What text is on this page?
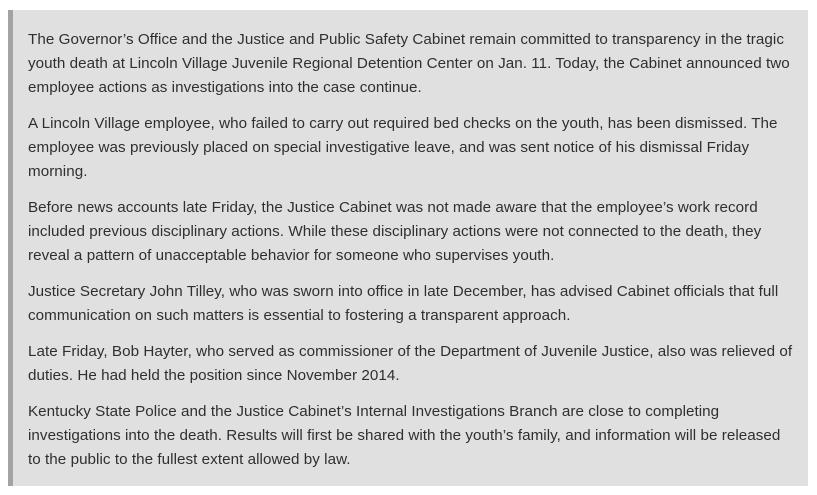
The Governor’s Office and the Justice and Public Safety Cabinet remain committed to transparency in the tragic youth death at Lincoln Village Juvenile Regional Detention Center on Jan. 11. Today, the Cabinet announced two employee actions as investigations into the case continue.

A Lincoln Village employee, who failed to carry out required bed checks on the youth, has been dismissed. The employee was previously placed on special investigative leave, and was sent notice of his dismissal Friday morning.

Before news accounts late Friday, the Justice Cabinet was not made aware that the employee’s work record included previous disciplinary actions. While these disciplinary actions were not connected to the death, they reveal a pattern of unacceptable behavior for someone who supervises youth.

Justice Secretary John Tilley, who was sworn into office in late December, has advised Cabinet officials that full communication on such matters is essential to fostering a transparent approach.

Late Friday, Bob Hayter, who served as commissioner of the Department of Juvenile Justice, also was relieved of duties. He had held the position since November 2014.

Kentucky State Police and the Justice Cabinet’s Internal Investigations Branch are close to completing investigations into the death. Results will first be shared with the youth’s family, and information will be released to the public to the fullest extent allowed by law.
